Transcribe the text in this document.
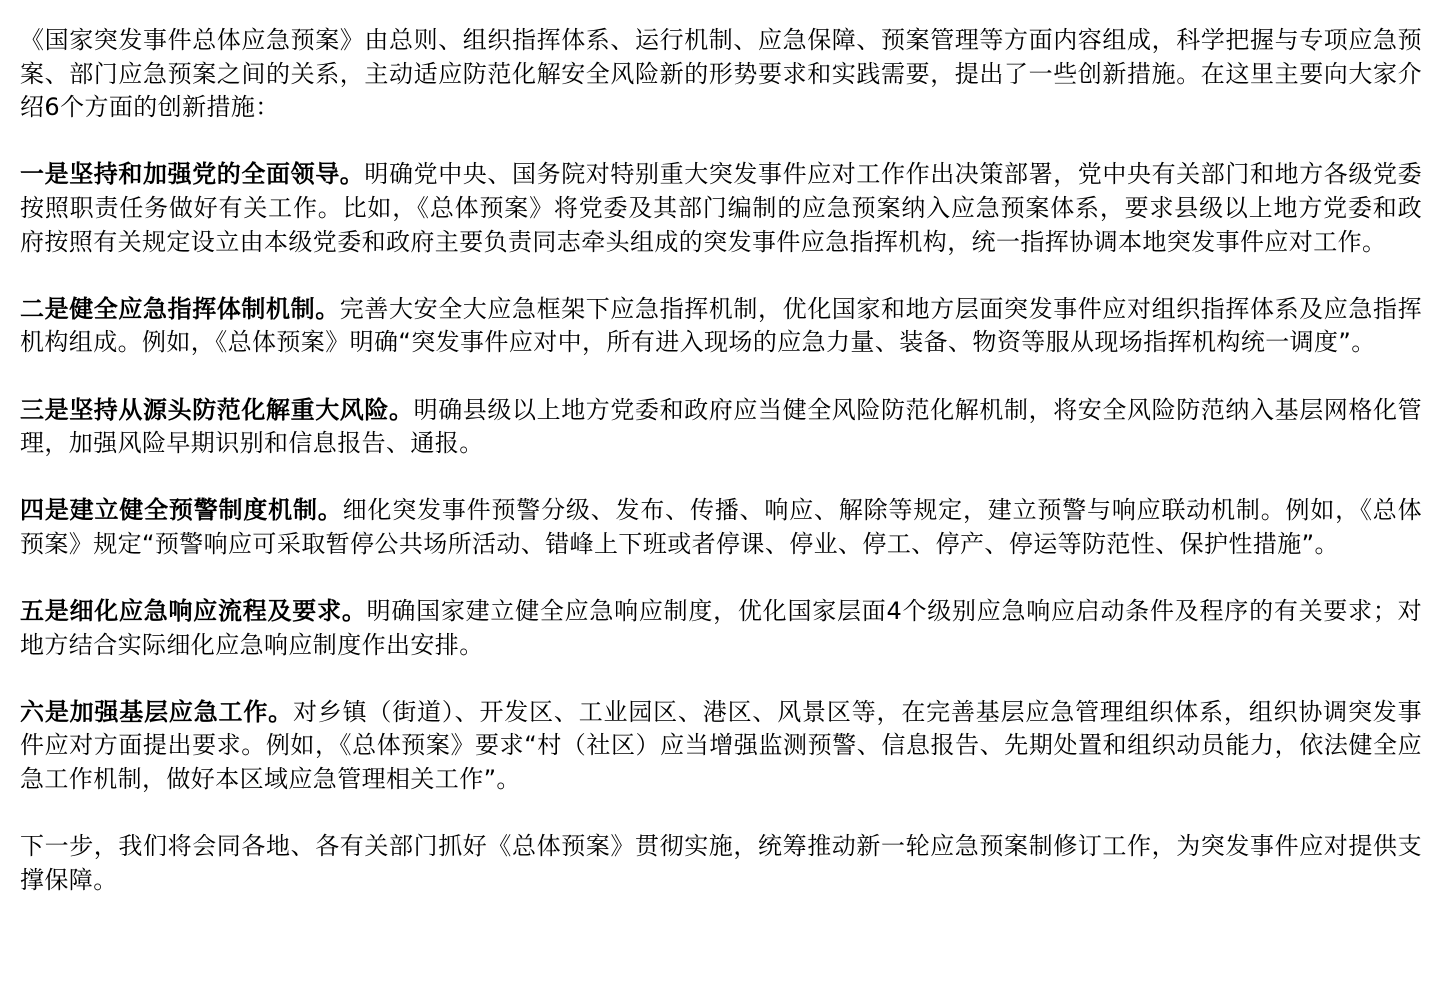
《国家突发事件总体应急预案》由总则、组织指挥体系、运行机制、应急保障、预案管理等方面内容组成，科学把握与专项应急预案、部门应急预案之间的关系，主动适应防范化解安全风险新的形势要求和实践需要，提出了一些创新措施。在这里主要向大家介绍6个方面的创新措施：

一是坚持和加强党的全面领导。明确党中央、国务院对特别重大突发事件应对工作作出决策部署，党中央有关部门和地方各级党委按照职责任务做好有关工作。比如，《总体预案》将党委及其部门编制的应急预案纳入应急预案体系，要求县级以上地方党委和政府按照有关规定设立由本级党委和政府主要负责同志牵头组成的突发事件应急指挥机构，统一指挥协调本地突发事件应对工作。

二是健全应急指挥体制机制。完善大安全大应急框架下应急指挥机制，优化国家和地方层面突发事件应对组织指挥体系及应急指挥机构组成。例如，《总体预案》明确“突发事件应对中，所有进入现场的应急力量、装备、物资等服从现场指挥机构统一调度”。

三是坚持从源头防范化解重大风险。明确县级以上地方党委和政府应当健全风险防范化解机制，将安全风险防范纳入基层网格化管理，加强风险早期识别和信息报告、通报。

四是建立健全预警制度机制。细化突发事件预警分级、发布、传播、响应、解除等规定，建立预警与响应联动机制。例如，《总体预案》规定“预警响应可采取暂停公共场所活动、错峰上下班或者停课、停业、停工、停产、停运等防范性、保护性措施”。

五是细化应急响应流程及要求。明确国家建立健全应急响应制度，优化国家层面4个级别应急响应启动条件及程序的有关要求；对地方结合实际细化应急响应制度作出安排。

六是加强基层应急工作。对乡镇（街道）、开发区、工业园区、港区、风景区等，在完善基层应急管理组织体系，组织协调突发事件应对方面提出要求。例如，《总体预案》要求“村（社区）应当增强监测预警、信息报告、先期处置和组织动员能力，依法健全应急工作机制，做好本区域应急管理相关工作”。

下一步，我们将会同各地、各有关部门抓好《总体预案》贯彻实施，统筹推动新一轮应急预案制修订工作，为突发事件应对提供支撑保障。
